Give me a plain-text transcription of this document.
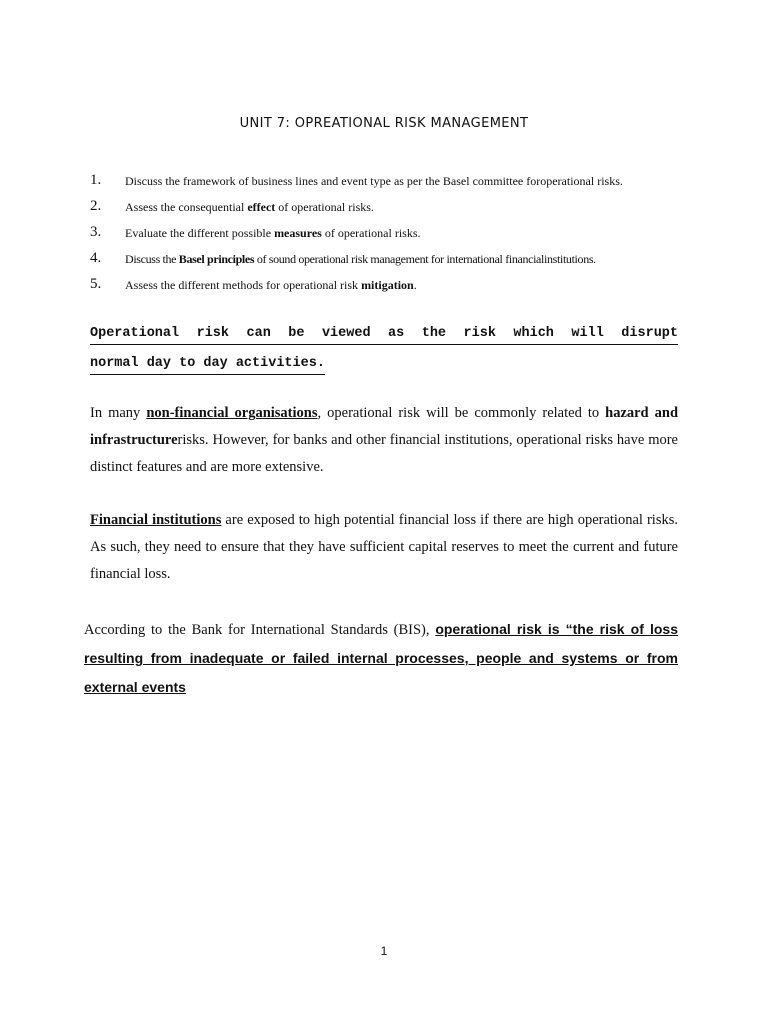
UNIT 7: OPREATIONAL RISK MANAGEMENT
1. Discuss the framework of business lines and event type as per the Basel committee foroperational risks.
2. Assess the consequential effect of operational risks.
3. Evaluate the different possible measures of operational risks.
4. Discuss the Basel principles of sound operational risk management for international financialinstitutions.
5. Assess the different methods for operational risk mitigation.
Operational risk can be viewed as the risk which will disrupt
normal day to day activities.
In many non-financial organisations, operational risk will be commonly related to hazard and infrastructurerisks. However, for banks and other financial institutions, operational risks have more distinct features and are more extensive.
Financial institutions are exposed to high potential financial loss if there are high operational risks. As such, they need to ensure that they have sufficient capital reserves to meet the current and future financial loss.
According to the Bank for International Standards (BIS), operational risk is “the risk of loss resulting from inadequate or failed internal processes, people and systems or from external events
1
